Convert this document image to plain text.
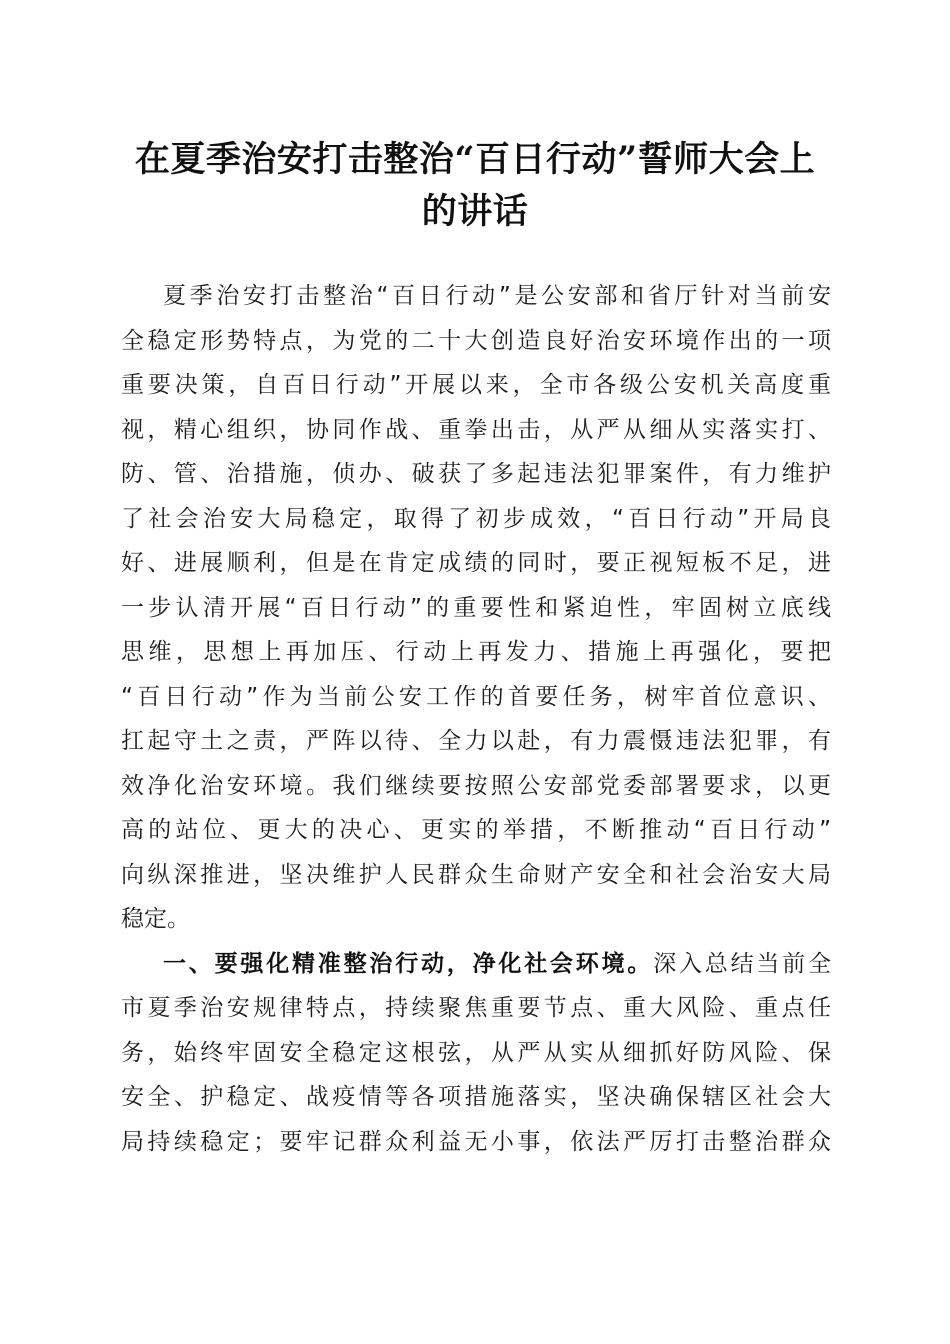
在夏季治安打击整治“百日行动”誓师大会上
的讲话
夏季治安打击整治“百日行动”是公安部和省厅针对当前安
全稳定形势特点，为党的二十大创造良好治安环境作出的一项
重要决策，自百日行动”开展以来，全市各级公安机关高度重
视，精心组织，协同作战、重拳出击，从严从细从实落实打、
防、管、治措施，侦办、破获了多起违法犯罪案件，有力维护
了社会治安大局稳定，取得了初步成效，“百日行动”开局良
好、进展顺利，但是在肯定成绩的同时，要正视短板不足，进
一步认清开展“百日行动”的重要性和紧迫性，牢固树立底线
思维，思想上再加压、行动上再发力、措施上再强化，要把
“百日行动”作为当前公安工作的首要任务，树牢首位意识、
扛起守土之责，严阵以待、全力以赴，有力震慑违法犯罪，有
效净化治安环境。我们继续要按照公安部党委部署要求，以更
高的站位、更大的决心、更实的举措，不断推动“百日行动”
向纵深推进，坚决维护人民群众生命财产安全和社会治安大局
稳定。
一、要强化精准整治行动，净化社会环境。深入总结当前全
市夏季治安规律特点，持续聚焦重要节点、重大风险、重点任
务，始终牢固安全稳定这根弦，从严从实从细抓好防风险、保
安全、护稳定、战疫情等各项措施落实，坚决确保辖区社会大
局持续稳定；要牢记群众利益无小事，依法严厉打击整治群众
